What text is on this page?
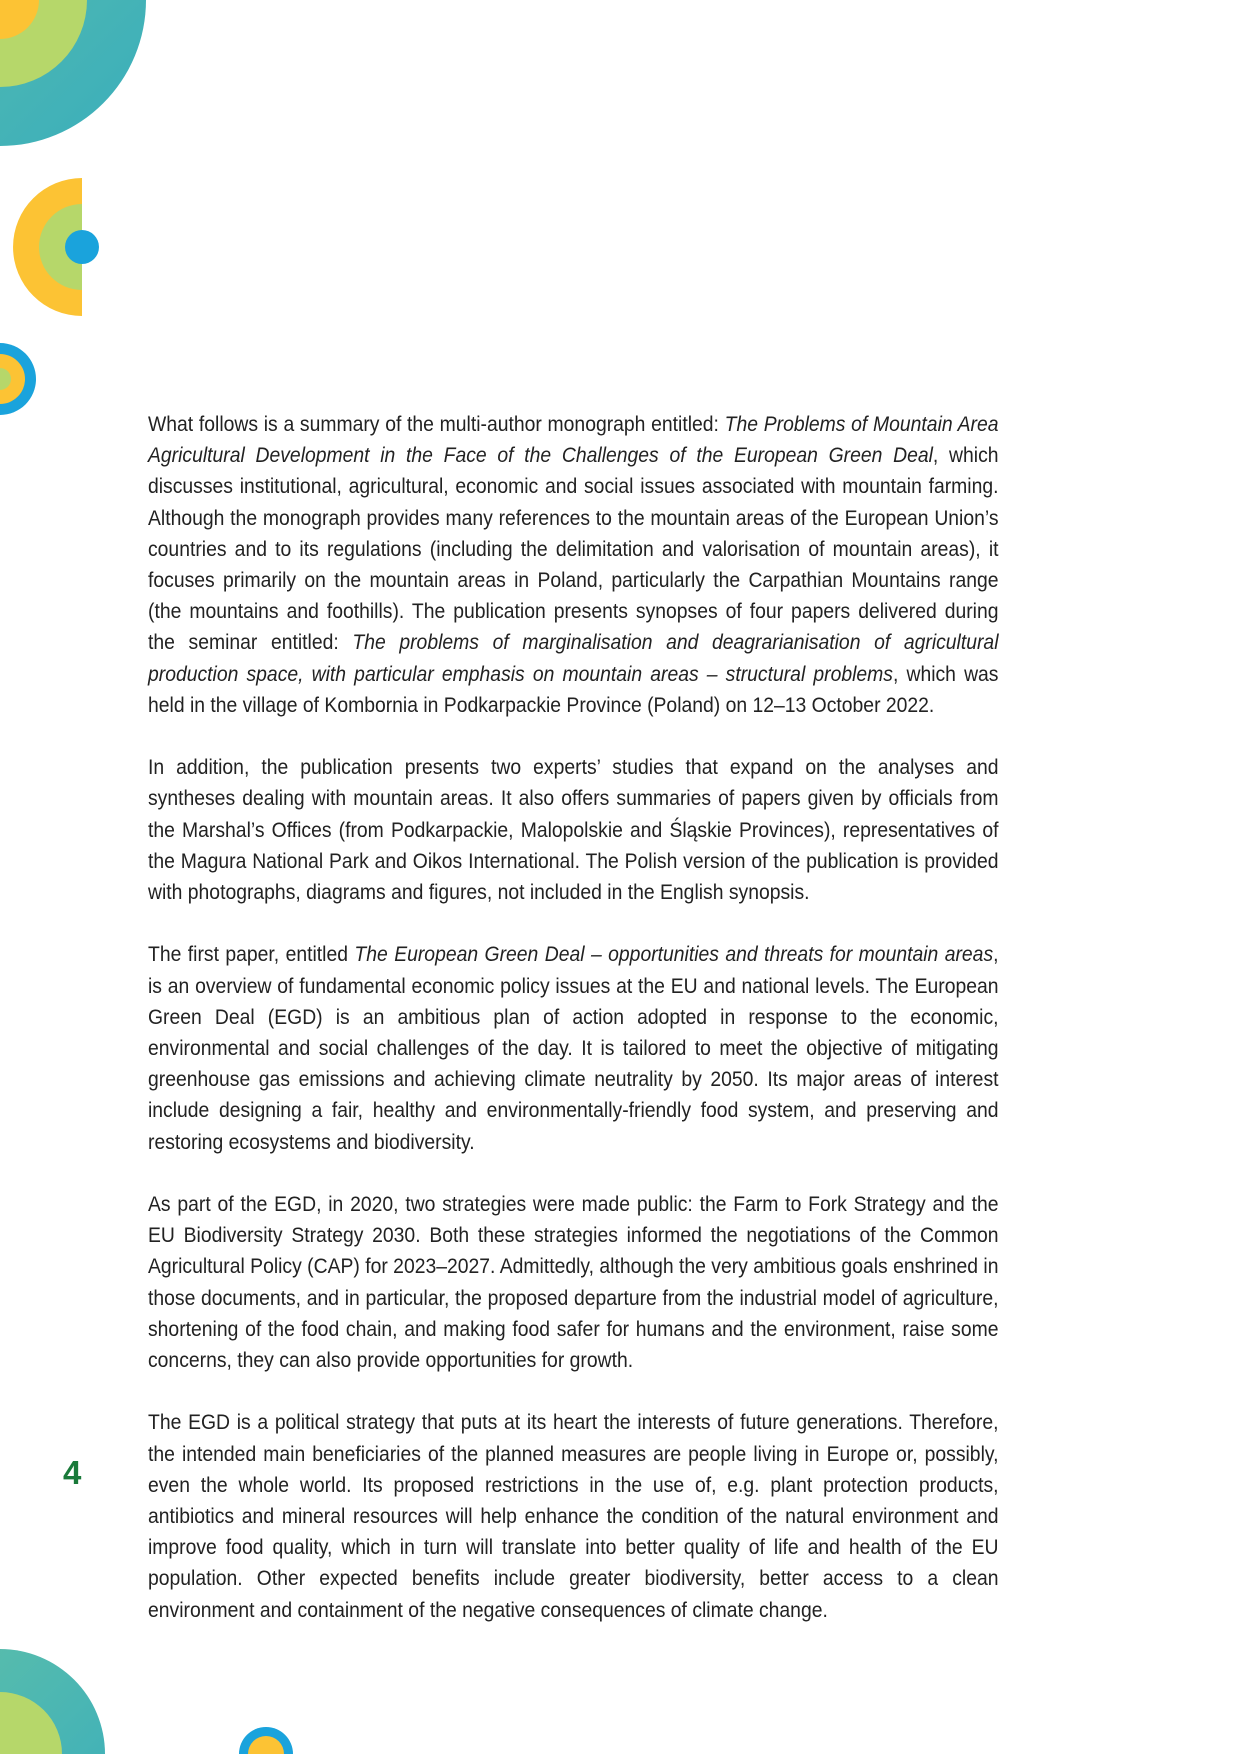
What follows is a summary of the multi-author monograph entitled: The Problems of Mountain Area Agricultural Development in the Face of the Challenges of the European Green Deal, which discusses institutional, agricultural, economic and social issues associated with mountain farming. Although the monograph provides many references to the mountain areas of the European Union’s countries and to its regulations (including the delimitation and valorisation of mountain areas), it focuses primarily on the mountain areas in Poland, particularly the Carpathian Mountains range (the mountains and foothills). The publication presents synopses of four papers delivered during the seminar entitled: The problems of marginalisation and deagrarianisation of agricultural production space, with particular emphasis on mountain areas – structural problems, which was held in the village of Kombornia in Podkarpackie Province (Poland) on 12–13 October 2022.

In addition, the publication presents two experts’ studies that expand on the analyses and syntheses dealing with mountain areas. It also offers summaries of papers given by officials from the Marshal’s Offices (from Podkarpackie, Malopolskie and Śląskie Provinces), representatives of the Magura National Park and Oikos International. The Polish version of the publication is provided with photographs, diagrams and figures, not included in the English synopsis.

The first paper, entitled The European Green Deal – opportunities and threats for mountain areas, is an overview of fundamental economic policy issues at the EU and national levels. The European Green Deal (EGD) is an ambitious plan of action adopted in response to the economic, environmental and social challenges of the day. It is tailored to meet the objective of mitigating greenhouse gas emissions and achieving climate neutrality by 2050. Its major areas of interest include designing a fair, healthy and environmentally-friendly food system, and preserving and restoring ecosystems and biodiversity.

As part of the EGD, in 2020, two strategies were made public: the Farm to Fork Strategy and the EU Biodiversity Strategy 2030. Both these strategies informed the negotiations of the Common Agricultural Policy (CAP) for 2023–2027. Admittedly, although the very ambitious goals enshrined in those documents, and in particular, the proposed departure from the industrial model of agriculture, shortening of the food chain, and making food safer for humans and the environment, raise some concerns, they can also provide opportunities for growth.

The EGD is a political strategy that puts at its heart the interests of future generations. Therefore, the intended main beneficiaries of the planned measures are people living in Europe or, possibly, even the whole world. Its proposed restrictions in the use of, e.g. plant protection products, antibiotics and mineral resources will help enhance the condition of the natural environment and improve food quality, which in turn will translate into better quality of life and health of the EU population. Other expected benefits include greater biodiversity, better access to a clean environment and containment of the negative consequences of climate change.

4
